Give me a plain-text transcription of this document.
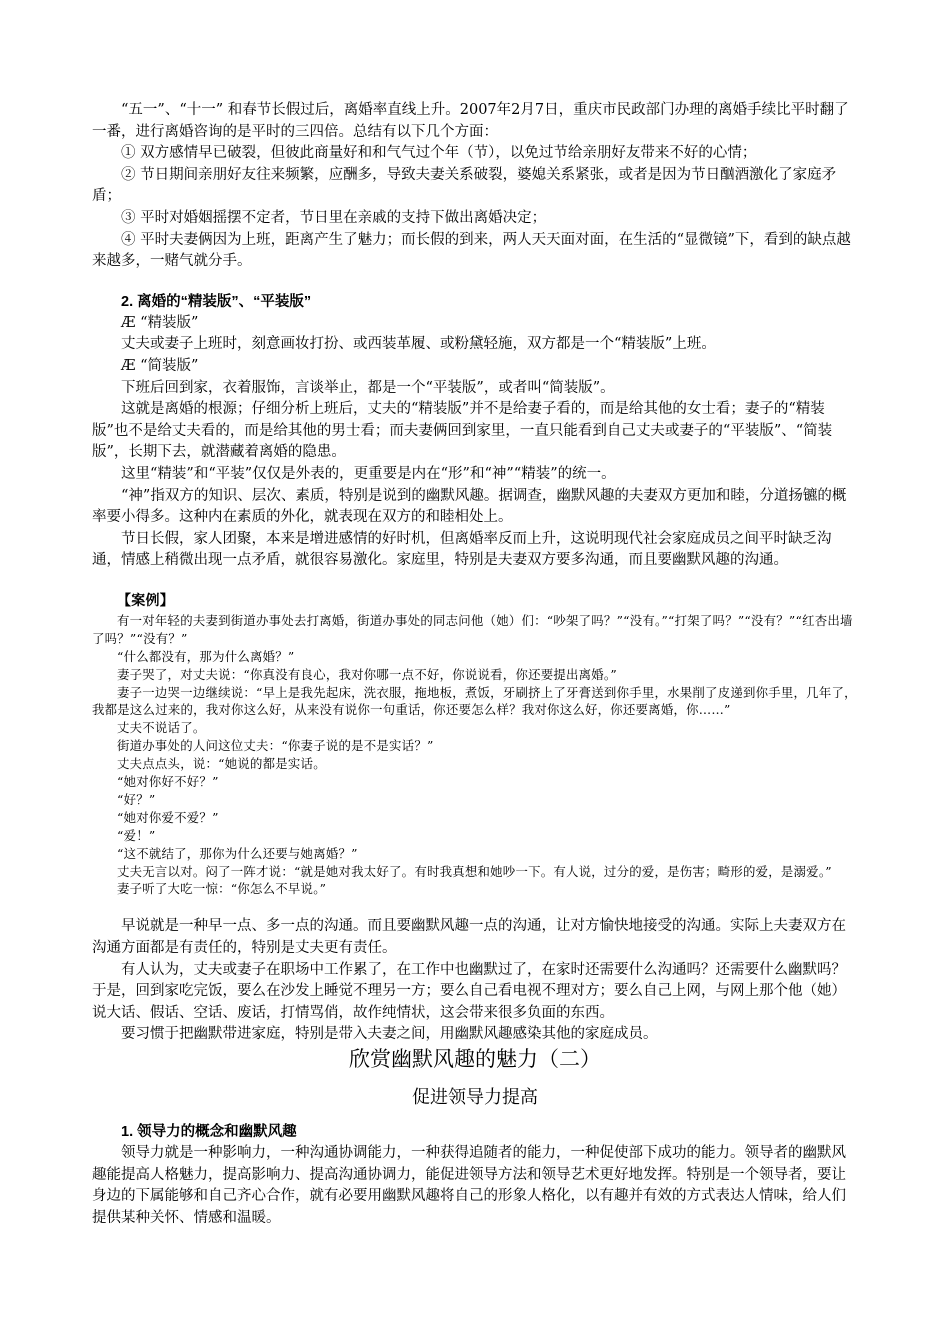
“五一”、“十一” 和春节长假过后，离婚率直线上升。2007年2月7日，重庆市民政部门办理的离婚手续比平时翻了一番，进行离婚咨询的是平时的三四倍。总结有以下几个方面：

① 双方感情早已破裂，但彼此商量好和和气气过个年（节），以免过节给亲朋好友带来不好的心情；

② 节日期间亲朋好友往来频繁，应酬多，导致夫妻关系破裂，婆媳关系紧张，或者是因为节日酗酒激化了家庭矛盾；

③ 平时对婚姻摇摆不定者，节日里在亲戚的支持下做出离婚决定；

④ 平时夫妻俩因为上班，距离产生了魅力；而长假的到来，两人天天面对面，在生活的“显微镜”下，看到的缺点越来越多，一赌气就分手。

2. 离婚的“精装版”、“平装版”

Æ “精装版”

丈夫或妻子上班时，刻意画妆打扮、或西装革履、或粉黛轻施，双方都是一个“精装版”上班。

Æ “简装版”

下班后回到家，衣着服饰，言谈举止，都是一个“平装版”，或者叫“简装版”。

这就是离婚的根源；仔细分析上班后，丈夫的“精装版”并不是给妻子看的，而是给其他的女士看；妻子的“精装版”也不是给丈夫看的，而是给其他的男士看；而夫妻俩回到家里，一直只能看到自己丈夫或妻子的“平装版”、“简装版”，长期下去，就潜藏着离婚的隐患。

这里“精装”和“平装”仅仅是外表的，更重要是内在“形”和“神”“精装”的统一。

“神”指双方的知识、层次、素质，特别是说到的幽默风趣。据调查，幽默风趣的夫妻双方更加和睦，分道扬镳的概率要小得多。这种内在素质的外化，就表现在双方的和睦相处上。

节日长假，家人团聚，本来是增进感情的好时机，但离婚率反而上升，这说明现代社会家庭成员之间平时缺乏沟通，情感上稍微出现一点矛盾，就很容易激化。家庭里，特别是夫妻双方要多沟通，而且要幽默风趣的沟通。

【案例】

有一对年轻的夫妻到街道办事处去打离婚，街道办事处的同志问他（她）们：“吵架了吗？”“没有。”“打架了吗？”“没有？”“红杏出墙了吗？”“没有？”

“什么都没有，那为什么离婚？”

妻子哭了，对丈夫说：“你真没有良心，我对你哪一点不好，你说说看，你还要提出离婚。”

妻子一边哭一边继续说：“早上是我先起床，洗衣服，拖地板，煮饭，牙刷挤上了牙膏送到你手里，水果削了皮递到你手里，几年了，我都是这么过来的，我对你这么好，从来没有说你一句重话，你还要怎么样？我对你这么好，你还要离婚，你……”

丈夫不说话了。

街道办事处的人问这位丈夫：“你妻子说的是不是实话？”

丈夫点点头，说：“她说的都是实话。

“她对你好不好？”

“好？”

“她对你爱不爱？”

“爱！”

“这不就结了，那你为什么还要与她离婚？”

丈夫无言以对。闷了一阵才说：“就是她对我太好了。有时我真想和她吵一下。有人说，过分的爱，是伤害；畸形的爱，是溺爱。”

妻子听了大吃一惊：“你怎么不早说。”

早说就是一种早一点、多一点的沟通。而且要幽默风趣一点的沟通，让对方愉快地接受的沟通。实际上夫妻双方在沟通方面都是有责任的，特别是丈夫更有责任。

有人认为，丈夫或妻子在职场中工作累了，在工作中也幽默过了，在家时还需要什么沟通吗？还需要什么幽默吗？于是，回到家吃完饭，要么在沙发上睡觉不理另一方；要么自己看电视不理对方；要么自己上网，与网上那个他（她）说大话、假话、空话、废话，打情骂俏，故作纯情状，这会带来很多负面的东西。

要习惯于把幽默带进家庭，特别是带入夫妻之间，用幽默风趣感染其他的家庭成员。

欣赏幽默风趣的魅力（二）

促进领导力提高

1. 领导力的概念和幽默风趣

领导力就是一种影响力，一种沟通协调能力，一种获得追随者的能力，一种促使部下成功的能力。领导者的幽默风趣能提高人格魅力，提高影响力、提高沟通协调力，能促进领导方法和领导艺术更好地发挥。特别是一个领导者，要让身边的下属能够和自己齐心合作，就有必要用幽默风趣将自己的形象人格化，以有趣并有效的方式表达人情味，给人们提供某种关怀、情感和温暖。
